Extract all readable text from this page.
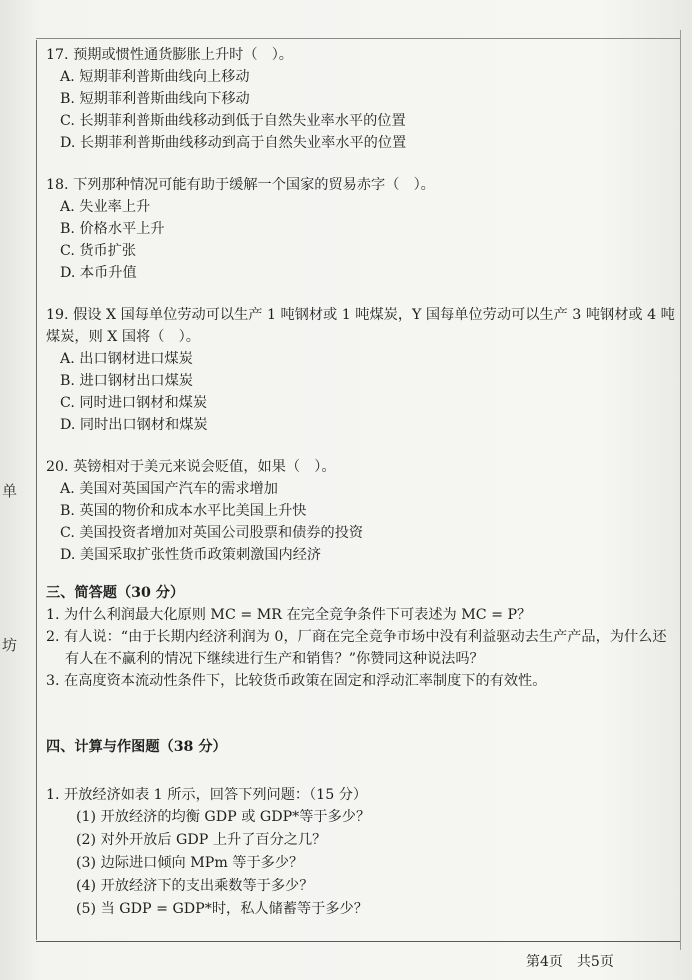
单
坊

17. 预期或惯性通货膨胀上升时（　）。

A. 短期菲利普斯曲线向上移动

B. 短期菲利普斯曲线向下移动

C. 长期菲利普斯曲线移动到低于自然失业率水平的位置

D. 长期菲利普斯曲线移动到高于自然失业率水平的位置

18. 下列那种情况可能有助于缓解一个国家的贸易赤字（　）。

A. 失业率上升

B. 价格水平上升

C. 货币扩张

D. 本币升值

19. 假设 X 国每单位劳动可以生产 1 吨钢材或 1 吨煤炭，Y 国每单位劳动可以生产 3 吨钢材或 4 吨煤炭，则 X 国将（　）。

A. 出口钢材进口煤炭

B. 进口钢材出口煤炭

C. 同时进口钢材和煤炭

D. 同时出口钢材和煤炭

20. 英镑相对于美元来说会贬值，如果（　）。

A. 美国对英国国产汽车的需求增加

B. 英国的物价和成本水平比美国上升快

C. 美国投资者增加对英国公司股票和债券的投资

D. 美国采取扩张性货币政策刺激国内经济

三、简答题（30 分）

1. 为什么利润最大化原则 MC = MR 在完全竞争条件下可表述为 MC = P？

2. 有人说：“由于长期内经济利润为 0，厂商在完全竞争市场中没有利益驱动去生产产品，为什么还有人在不赢利的情况下继续进行生产和销售？”你赞同这种说法吗？

3. 在高度资本流动性条件下，比较货币政策在固定和浮动汇率制度下的有效性。

四、计算与作图题（38 分）

1. 开放经济如表 1 所示，回答下列问题：（15 分）

(1) 开放经济的均衡 GDP 或 GDP*等于多少？

(2) 对外开放后 GDP 上升了百分之几？

(3) 边际进口倾向 MPm 等于多少？

(4) 开放经济下的支出乘数等于多少？

(5) 当 GDP = GDP*时，私人储蓄等于多少？

第4页　共5页
